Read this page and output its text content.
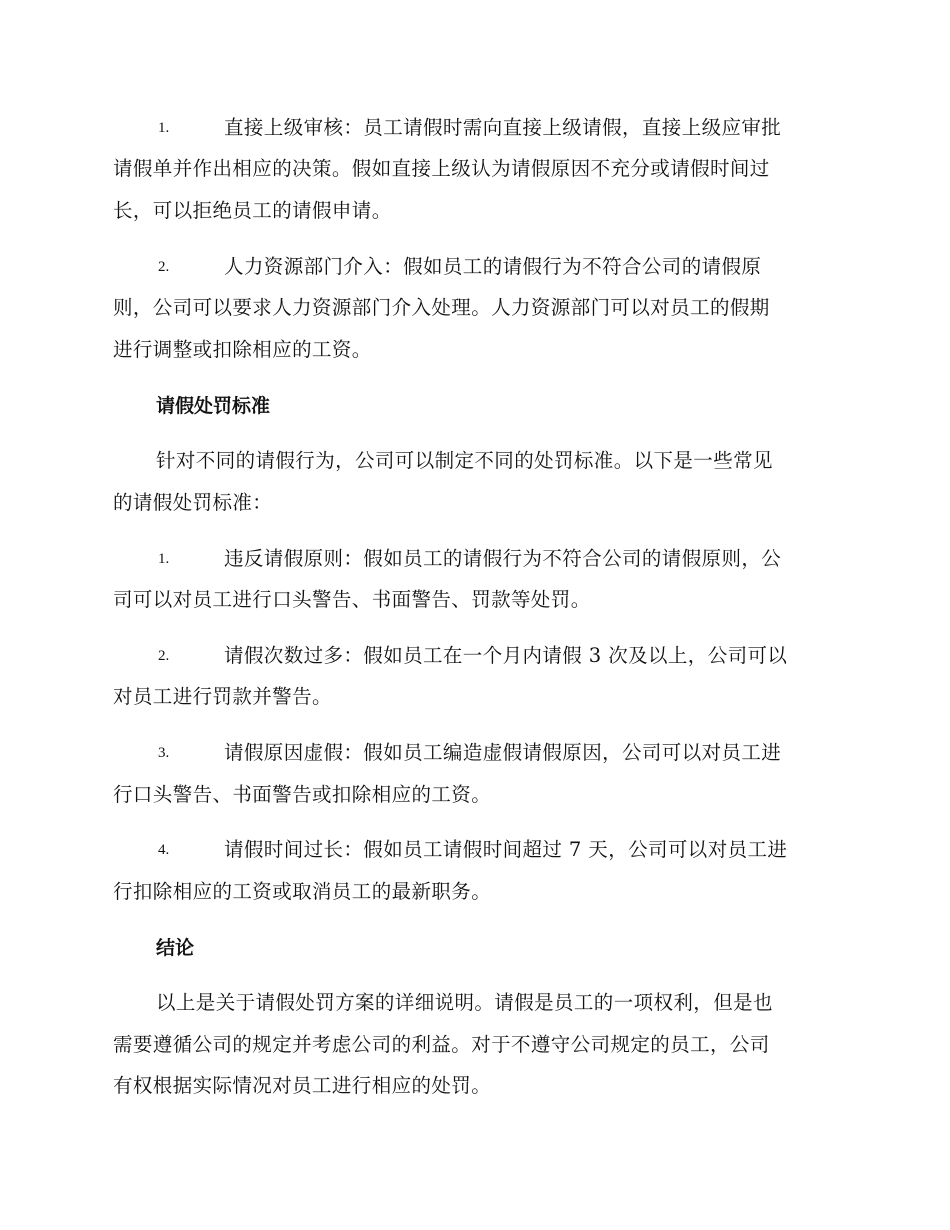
1.	直接上级审核：员工请假时需向直接上级请假，直接上级应审批
请假单并作出相应的决策。假如直接上级认为请假原因不充分或请假时间过
长，可以拒绝员工的请假申请。
2.	人力资源部门介入：假如员工的请假行为不符合公司的请假原
则，公司可以要求人力资源部门介入处理。人力资源部门可以对员工的假期
进行调整或扣除相应的工资。
请假处罚标准
针对不同的请假行为，公司可以制定不同的处罚标准。以下是一些常见
的请假处罚标准：
1.	违反请假原则：假如员工的请假行为不符合公司的请假原则，公
司可以对员工进行口头警告、书面警告、罚款等处罚。
2.	请假次数过多：假如员工在一个月内请假 3 次及以上，公司可以
对员工进行罚款并警告。
3.	请假原因虚假：假如员工编造虚假请假原因，公司可以对员工进
行口头警告、书面警告或扣除相应的工资。
4.	请假时间过长：假如员工请假时间超过 7 天，公司可以对员工进
行扣除相应的工资或取消员工的最新职务。
结论
以上是关于请假处罚方案的详细说明。请假是员工的一项权利，但是也
需要遵循公司的规定并考虑公司的利益。对于不遵守公司规定的员工，公司
有权根据实际情况对员工进行相应的处罚。
